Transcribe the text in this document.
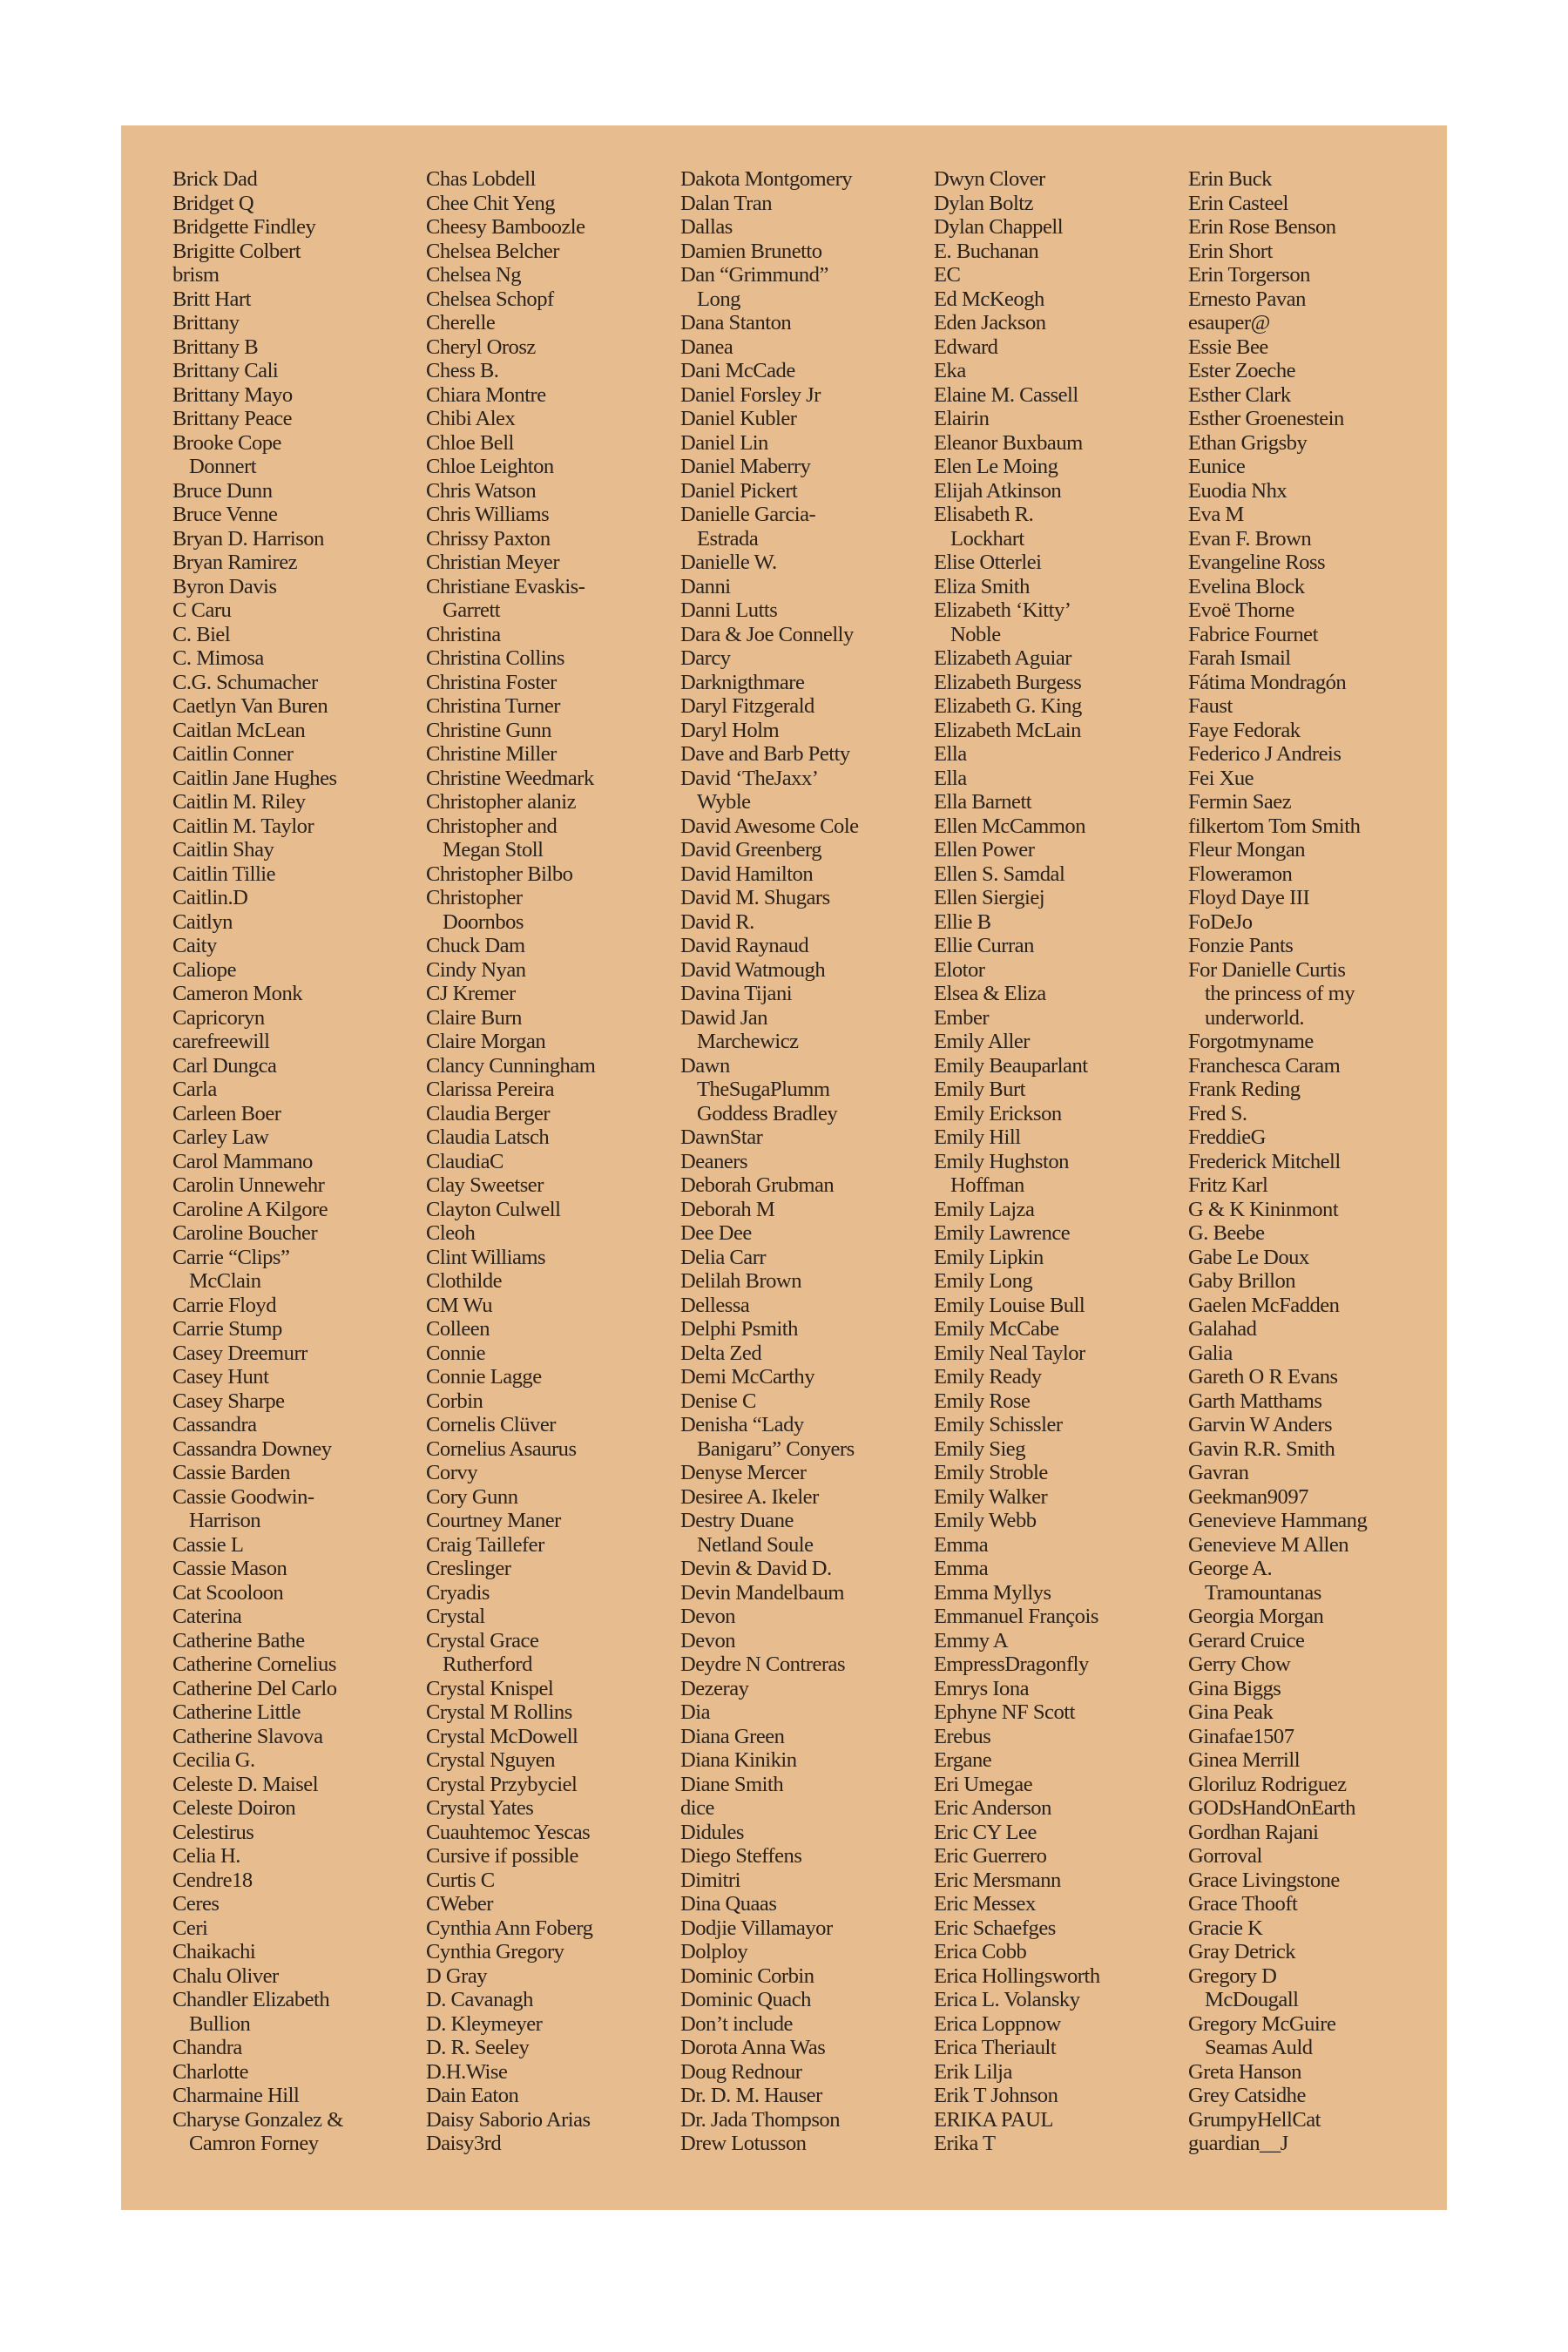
Brick Dad

Bridget Q

Bridgette Findley

Brigitte Colbert

brism

Britt Hart

Brittany

Brittany B

Brittany Cali

Brittany Mayo

Brittany Peace

Brooke Cope

Donnert

Bruce Dunn

Bruce Venne

Bryan D. Harrison

Bryan Ramirez

Byron Davis

C Caru

C. Biel

C. Mimosa

C.G. Schumacher

Caetlyn Van Buren

Caitlan McLean

Caitlin Conner

Caitlin Jane Hughes

Caitlin M. Riley

Caitlin M. Taylor

Caitlin Shay

Caitlin Tillie

Caitlin.D

Caitlyn

Caity

Caliope

Cameron Monk

Capricoryn

carefreewill

Carl Dungca

Carla

Carleen Boer

Carley Law

Carol Mammano

Carolin Unnewehr

Caroline A Kilgore

Caroline Boucher

Carrie “Clips”

McClain

Carrie Floyd

Carrie Stump

Casey Dreemurr

Casey Hunt

Casey Sharpe

Cassandra

Cassandra Downey

Cassie Barden

Cassie Goodwin-

Harrison

Cassie L

Cassie Mason

Cat Scooloon

Caterina

Catherine Bathe

Catherine Cornelius

Catherine Del Carlo

Catherine Little

Catherine Slavova

Cecilia G.

Celeste D. Maisel

Celeste Doiron

Celestirus

Celia H.

Cendre18

Ceres

Ceri

Chaikachi

Chalu Oliver

Chandler Elizabeth

Bullion

Chandra

Charlotte

Charmaine Hill

Charyse Gonzalez &

Camron Forney

Chas Lobdell

Chee Chit Yeng

Cheesy Bamboozle

Chelsea Belcher

Chelsea Ng

Chelsea Schopf

Cherelle

Cheryl Orosz

Chess B.

Chiara Montre

Chibi Alex

Chloe Bell

Chloe Leighton

Chris Watson

Chris Williams

Chrissy Paxton

Christian Meyer

Christiane Evaskis-

Garrett

Christina

Christina Collins

Christina Foster

Christina Turner

Christine Gunn

Christine Miller

Christine Weedmark

Christopher alaniz

Christopher and

Megan Stoll

Christopher Bilbo

Christopher

Doornbos

Chuck Dam

Cindy Nyan

CJ Kremer

Claire Burn

Claire Morgan

Clancy Cunningham

Clarissa Pereira

Claudia Berger

Claudia Latsch

ClaudiaC

Clay Sweetser

Clayton Culwell

Cleoh

Clint Williams

Clothilde

CM Wu

Colleen

Connie

Connie Lagge

Corbin

Cornelis Clüver

Cornelius Asaurus

Corvy

Cory Gunn

Courtney Maner

Craig Taillefer

Creslinger

Cryadis

Crystal

Crystal Grace

Rutherford

Crystal Knispel

Crystal M Rollins

Crystal McDowell

Crystal Nguyen

Crystal Przybyciel

Crystal Yates

Cuauhtemoc Yescas

Cursive if possible

Curtis C

CWeber

Cynthia Ann Foberg

Cynthia Gregory

D Gray

D. Cavanagh

D. Kleymeyer

D. R. Seeley

D.H.Wise

Dain Eaton

Daisy Saborio Arias

Daisy3rd

Dakota Montgomery

Dalan Tran

Dallas

Damien Brunetto

Dan “Grimmund”

Long

Dana Stanton

Danea

Dani McCade

Daniel Forsley Jr

Daniel Kubler

Daniel Lin

Daniel Maberry

Daniel Pickert

Danielle Garcia-

Estrada

Danielle W.

Danni

Danni Lutts

Dara & Joe Connelly

Darcy

Darknigthmare

Daryl Fitzgerald

Daryl Holm

Dave and Barb Petty

David ‘TheJaxx’

Wyble

David Awesome Cole

David Greenberg

David Hamilton

David M. Shugars

David R.

David Raynaud

David Watmough

Davina Tijani

Dawid Jan

Marchewicz

Dawn

TheSugaPlumm

Goddess Bradley

DawnStar

Deaners

Deborah Grubman

Deborah M

Dee Dee

Delia Carr

Delilah Brown

Dellessa

Delphi Psmith

Delta Zed

Demi McCarthy

Denise C

Denisha “Lady

Banigaru” Conyers

Denyse Mercer

Desiree A. Ikeler

Destry Duane

Netland Soule

Devin & David D.

Devin Mandelbaum

Devon

Devon

Deydre N Contreras

Dezeray

Dia

Diana Green

Diana Kinikin

Diane Smith

dice

Didules

Diego Steffens

Dimitri

Dina Quaas

Dodjie Villamayor

Dolploy

Dominic Corbin

Dominic Quach

Don’t include

Dorota Anna Was

Doug Rednour

Dr. D. M. Hauser

Dr. Jada Thompson

Drew Lotusson

Dwyn Clover

Dylan Boltz

Dylan Chappell

E. Buchanan

EC

Ed McKeogh

Eden Jackson

Edward

Eka

Elaine M. Cassell

Elairin

Eleanor Buxbaum

Elen Le Moing

Elijah Atkinson

Elisabeth R.

Lockhart

Elise Otterlei

Eliza Smith

Elizabeth ‘Kitty’

Noble

Elizabeth Aguiar

Elizabeth Burgess

Elizabeth G. King

Elizabeth McLain

Ella

Ella

Ella Barnett

Ellen McCammon

Ellen Power

Ellen S. Samdal

Ellen Siergiej

Ellie B

Ellie Curran

Elotor

Elsea & Eliza

Ember

Emily Aller

Emily Beauparlant

Emily Burt

Emily Erickson

Emily Hill

Emily Hughston

Hoffman

Emily Lajza

Emily Lawrence

Emily Lipkin

Emily Long

Emily Louise Bull

Emily McCabe

Emily Neal Taylor

Emily Ready

Emily Rose

Emily Schissler

Emily Sieg

Emily Stroble

Emily Walker

Emily Webb

Emma

Emma

Emma Myllys

Emmanuel François

Emmy A

EmpressDragonfly

Emrys Iona

Ephyne NF Scott

Erebus

Ergane

Eri Umegae

Eric Anderson

Eric CY Lee

Eric Guerrero

Eric Mersmann

Eric Messex

Eric Schaefges

Erica Cobb

Erica Hollingsworth

Erica L. Volansky

Erica Loppnow

Erica Theriault

Erik Lilja

Erik T Johnson

ERIKA PAUL

Erika T

Erin Buck

Erin Casteel

Erin Rose Benson

Erin Short

Erin Torgerson

Ernesto Pavan

esauper@

Essie Bee

Ester Zoeche

Esther Clark

Esther Groenestein

Ethan Grigsby

Eunice

Euodia Nhx

Eva M

Evan F. Brown

Evangeline Ross

Evelina Block

Evoë Thorne

Fabrice Fournet

Farah Ismail

Fátima Mondragón

Faust

Faye Fedorak

Federico J Andreis

Fei Xue

Fermin Saez

filkertom Tom Smith

Fleur Mongan

Floweramon

Floyd Daye III

FoDeJo

Fonzie Pants

For Danielle Curtis

the princess of my

underworld.

Forgotmyname

Franchesca Caram

Frank Reding

Fred S.

FreddieG

Frederick Mitchell

Fritz Karl

G & K Kininmont

G. Beebe

Gabe Le Doux

Gaby Brillon

Gaelen McFadden

Galahad

Galia

Gareth O R Evans

Garth Matthams

Garvin W Anders

Gavin R.R. Smith

Gavran

Geekman9097

Genevieve Hammang

Genevieve M Allen

George A.

Tramountanas

Georgia Morgan

Gerard Cruice

Gerry Chow

Gina Biggs

Gina Peak

Ginafae1507

Ginea Merrill

Gloriluz Rodriguez

GODsHandOnEarth

Gordhan Rajani

Gorroval

Grace Livingstone

Grace Thooft

Gracie K

Gray Detrick

Gregory D

McDougall

Gregory McGuire

Seamas Auld

Greta Hanson

Grey Catsidhe

GrumpyHellCat

guardian__J
